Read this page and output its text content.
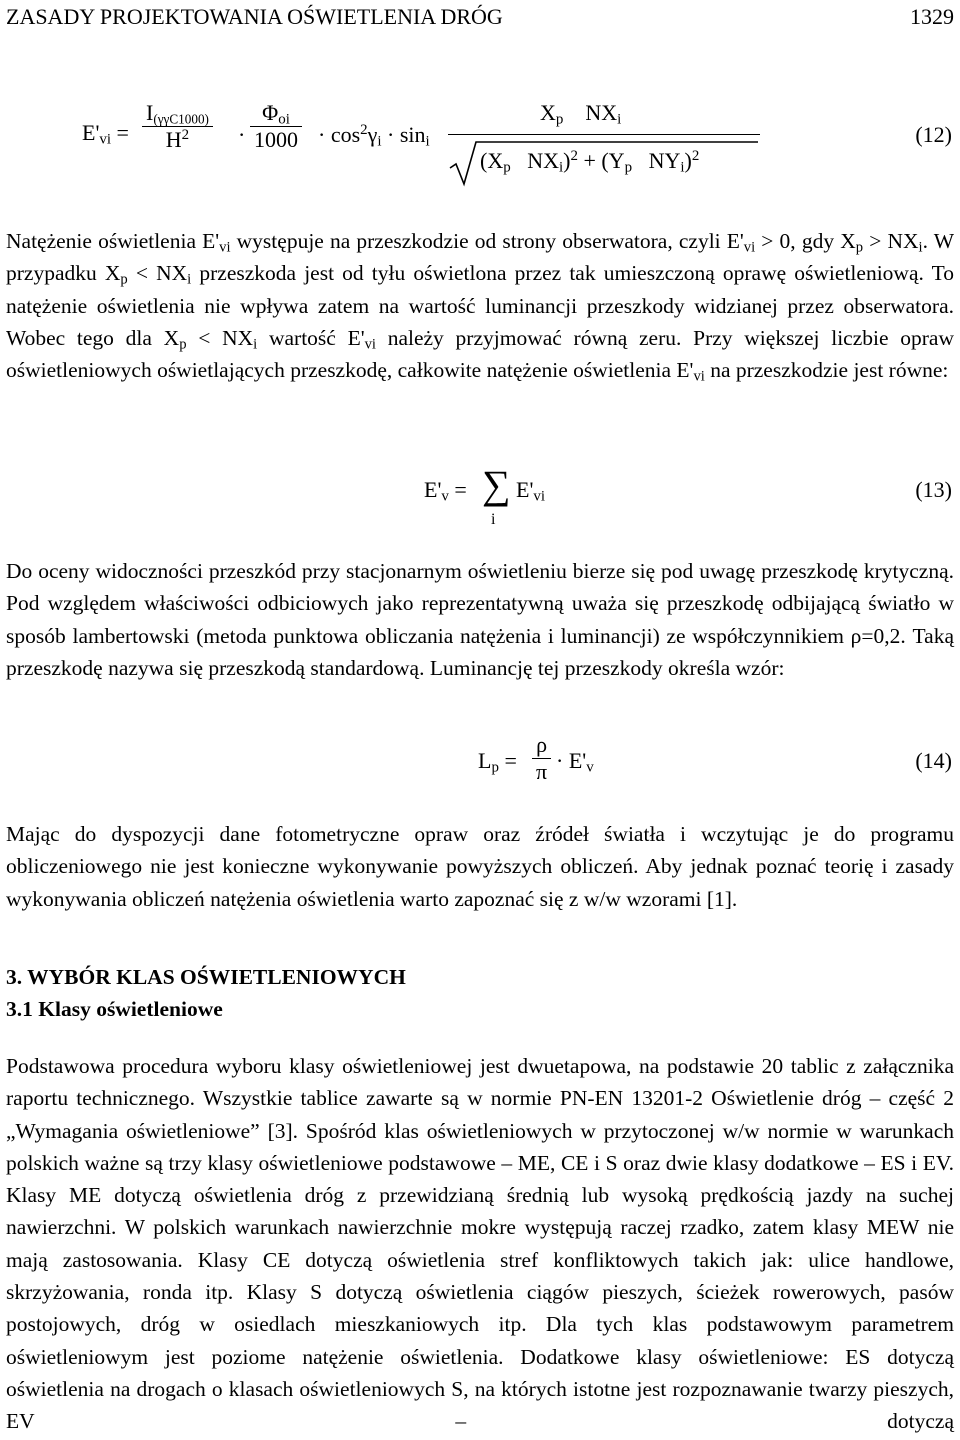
ZASADY PROJEKTOWANIA OŚWIETLENIA DRÓG	1329
$E'_{vi} = \frac{I_{(\gamma\gamma C1000)}}{H^2} \cdot \frac{\Phi_{oi}}{1000} \cdot \cos^2\gamma_i \cdot \sin_i$
$X_p$ $NX_i$
($X_p$ $NX_i)^2 + (Y_p$ $NY_i)^2$
(12)
Natężenie oświetlenia $E'_{vi}$ występuje na przeszkodzie od strony obserwatora, czyli $E'_{vi} > 0$, gdy $X_p > NX_i$. W przypadku $X_p < NX_i$ przeszkoda jest od tyłu oświetlona przez tak umieszczoną oprawę oświetleniową. To natężenie oświetlenia nie wpływa zatem na wartość luminancji przeszkody widzianej przez obserwatora. Wobec tego dla $X_p < NX_i$ wartość $E'_{vi}$ należy przyjmować równą zeru. Przy większej liczbie opraw oświetleniowych oświetlających przeszkodę, całkowite natężenie oświetlenia $E'_{vi}$ na przeszkodzie jest równe:
$E'_v$ = ∑
i
$E'_{vi}$	(13)
Do oceny widoczności przeszkód przy stacjonarnym oświetleniu bierze się pod uwagę przeszkodę krytyczną. Pod względem właściwości odbiciowych jako reprezentatywną uważa się przeszkodę odbijającą światło w sposób lambertowski (metoda punktowa obliczania natężenia i luminancji) ze współczynnikiem ρ=0,2. Taką przeszkodę nazywa się przeszkodą standardową. Luminancję tej przeszkody określa wzór:
$L_p = \frac{\rho}{\pi} \cdot E'_v$	(14)
Mając do dyspozycji dane fotometryczne opraw oraz źródeł światła i wczytując je do programu obliczeniowego nie jest konieczne wykonywanie powyższych obliczeń. Aby jednak poznać teorię i zasady wykonywania obliczeń natężenia oświetlenia warto zapoznać się z w/w wzorami [1].
3. WYBÓR KLAS OŚWIETLENIOWYCH
3.1 Klasy oświetleniowe
Podstawowa procedura wyboru klasy oświetleniowej jest dwuetapowa, na podstawie 20 tablic z załącznika raportu technicznego. Wszystkie tablice zawarte są w normie PN-EN 13201-2 Oświetlenie dróg – część 2 „Wymagania oświetleniowe” [3]. Spośród klas oświetleniowych w przytoczonej w/w normie w warunkach polskich ważne są trzy klasy oświetleniowe podstawowe – ME, CE i S oraz dwie klasy dodatkowe – ES i EV. Klasy ME dotyczą oświetlenia dróg z przewidzianą średnią lub wysoką prędkością jazdy na suchej nawierzchni. W polskich warunkach nawierzchnie mokre występują raczej rzadko, zatem klasy MEW nie mają zastosowania. Klasy CE dotyczą oświetlenia stref konfliktowych takich jak: ulice handlowe, skrzyżowania, ronda itp. Klasy S dotyczą oświetlenia ciągów pieszych, ścieżek rowerowych, pasów postojowych, dróg w osiedlach mieszkaniowych itp. Dla tych klas podstawowym parametrem oświetleniowym jest poziome natężenie oświetlenia. Dodatkowe klasy oświetleniowe: ES dotyczą oświetlenia na drogach o klasach oświetleniowych S, na których istotne jest rozpoznawanie twarzy pieszych, EV – dotyczą
